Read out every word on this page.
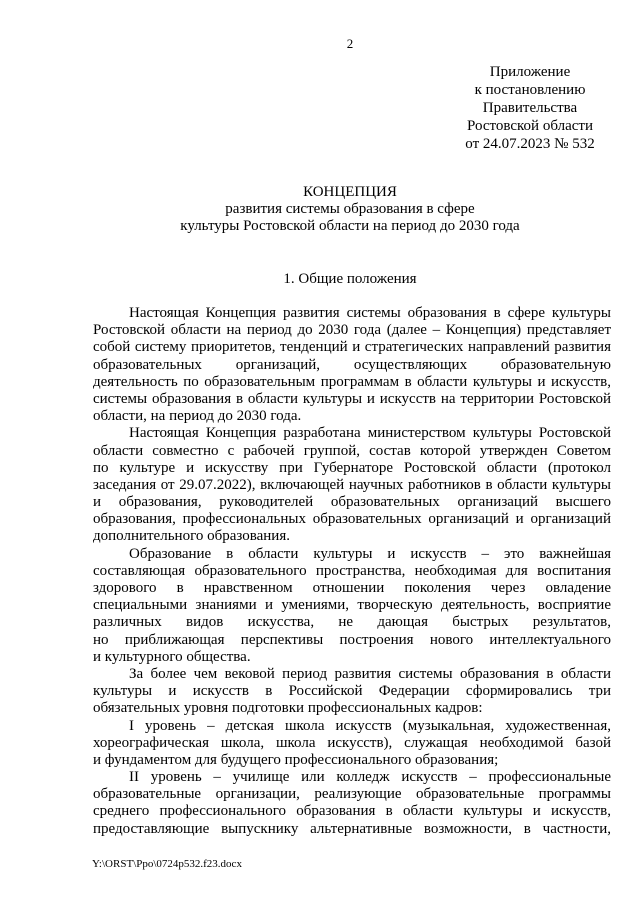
2
Приложение
к постановлению
Правительства
Ростовской области
от 24.07.2023 № 532
КОНЦЕПЦИЯ
развития системы образования в сфере
культуры Ростовской области на период до 2030 года
1. Общие положения
Настоящая Концепция развития системы образования в сфере культуры
Ростовской области на период до 2030 года (далее – Концепция) представляет
собой систему приоритетов, тенденций и стратегических направлений развития
образовательных организаций, осуществляющих образовательную
деятельность по образовательным программам в области культуры и искусств,
системы образования в области культуры и искусств на территории Ростовской
области, на период до 2030 года.
Настоящая Концепция разработана министерством культуры Ростовской
области совместно с рабочей группой, состав которой утвержден Советом
по культуре и искусству при Губернаторе Ростовской области (протокол
заседания от 29.07.2022), включающей научных работников в области культуры
и образования, руководителей образовательных организаций высшего
образования, профессиональных образовательных организаций и организаций
дополнительного образования.
Образование в области культуры и искусств – это важнейшая
составляющая образовательного пространства, необходимая для воспитания
здорового в нравственном отношении поколения через овладение
специальными знаниями и умениями, творческую деятельность, восприятие
различных видов искусства, не дающая быстрых результатов,
но приближающая перспективы построения нового интеллектуального
и культурного общества.
За более чем вековой период развития системы образования в области
культуры и искусств в Российской Федерации сформировались три
обязательных уровня подготовки профессиональных кадров:
I уровень – детская школа искусств (музыкальная, художественная,
хореографическая школа, школа искусств), служащая необходимой базой
и фундаментом для будущего профессионального образования;
II уровень – училище или колледж искусств – профессиональные
образовательные организации, реализующие образовательные программы
среднего профессионального образования в области культуры и искусств,
предоставляющие выпускнику альтернативные возможности, в частности,
Y:\ORST\Ppo\0724p532.f23.docx
